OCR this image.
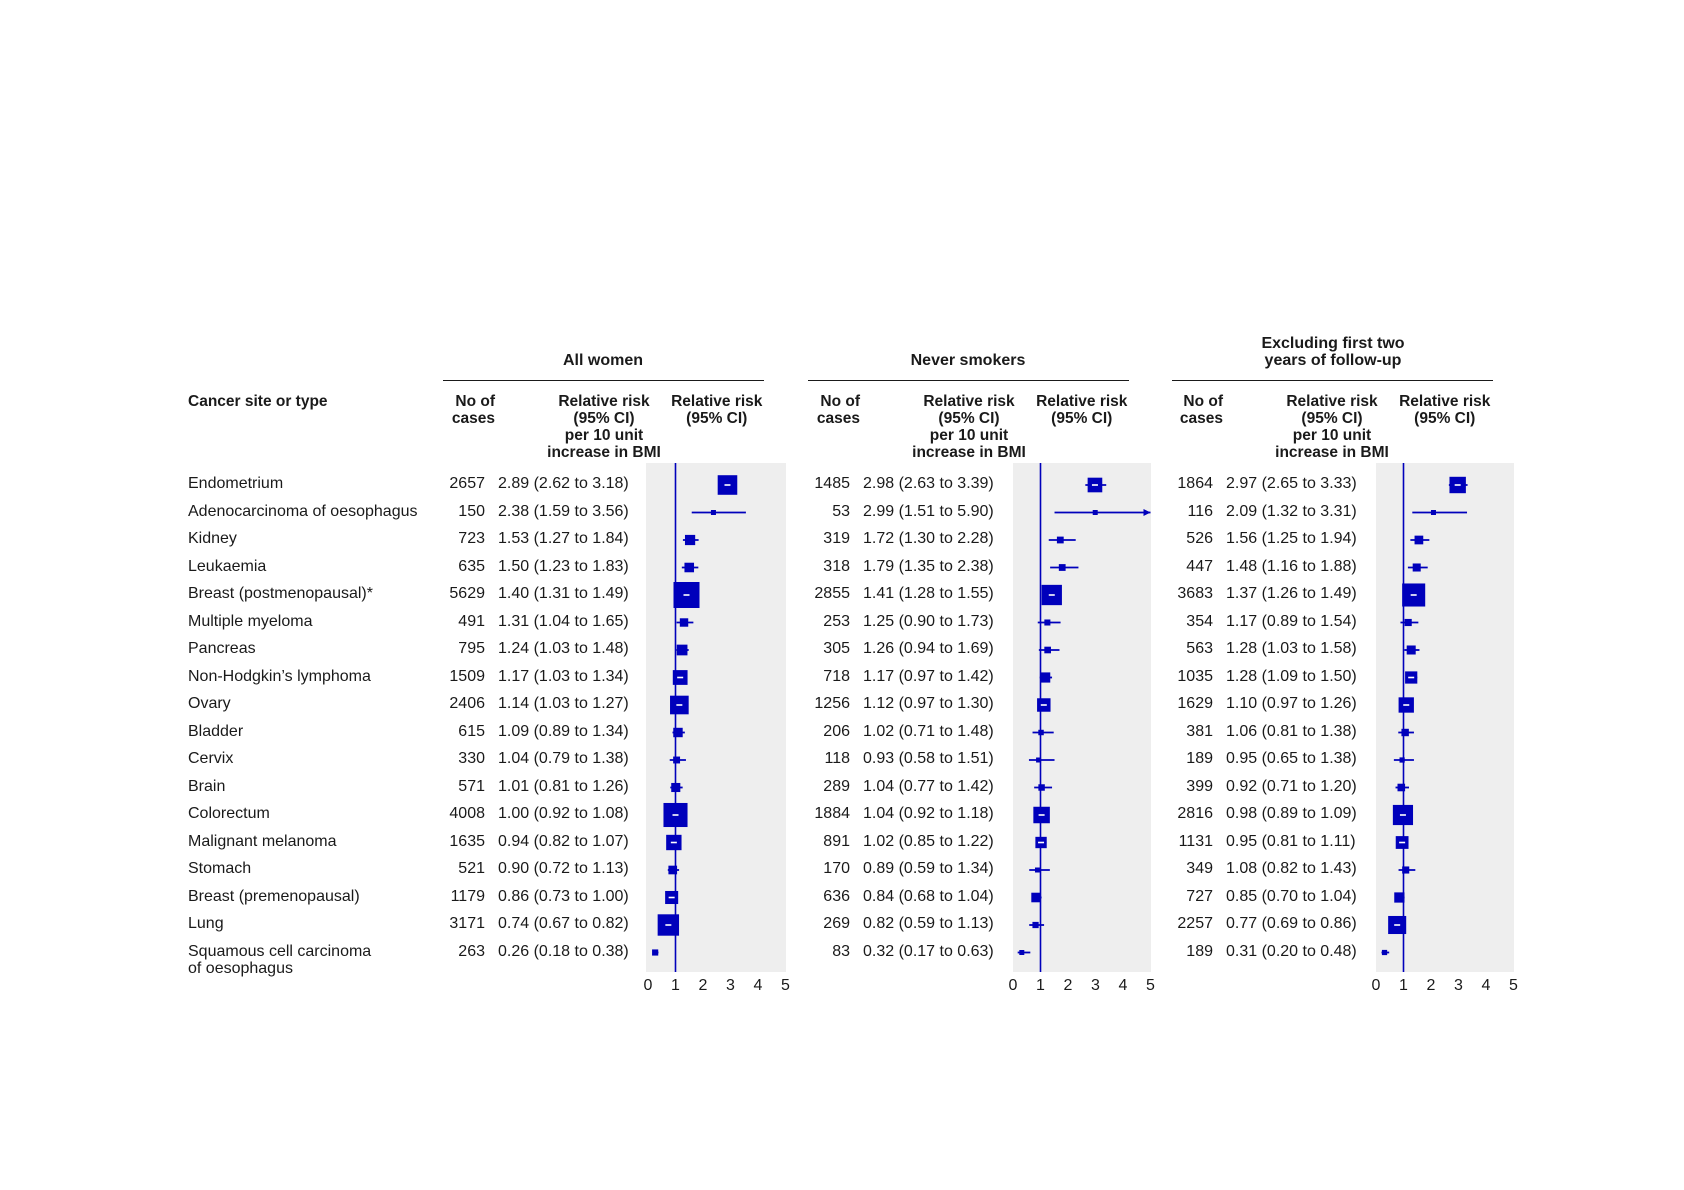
Cancer site or type
Endometrium
Adenocarcinoma of oesophagus
Kidney
Leukaemia
Breast (postmenopausal)*
Multiple myeloma
Pancreas
Non-Hodgkin’s lymphoma
Ovary
Bladder
Cervix
Brain
Colorectum
Malignant melanoma
Stomach
Breast (premenopausal)
Lung
Squamous cell carcinoma
of oesophagus
All women
No of
cases
Relative risk
(95% CI)
per 10 unit
increase in BMI
Relative risk
(95% CI)
2657 2.89 (2.62 to 3.18)
150 2.38 (1.59 to 3.56)
723 1.53 (1.27 to 1.84)
635 1.50 (1.23 to 1.83)
5629 1.40 (1.31 to 1.49)
491 1.31 (1.04 to 1.65)
795 1.24 (1.03 to 1.48)
1509 1.17 (1.03 to 1.34)
2406 1.14 (1.03 to 1.27)
615 1.09 (0.89 to 1.34)
330 1.04 (0.79 to 1.38)
571 1.01 (0.81 to 1.26)
4008 1.00 (0.92 to 1.08)
1635 0.94 (0.82 to 1.07)
521 0.90 (0.72 to 1.13)
1179 0.86 (0.73 to 1.00)
3171 0.74 (0.67 to 0.82)
263 0.26 (0.18 to 0.38)
0 1 2 3 4 5
Never smokers
No of
cases
Relative risk
(95% CI)
per 10 unit
increase in BMI
Relative risk
(95% CI)
1485 2.98 (2.63 to 3.39)
53 2.99 (1.51 to 5.90)
319 1.72 (1.30 to 2.28)
318 1.79 (1.35 to 2.38)
2855 1.41 (1.28 to 1.55)
253 1.25 (0.90 to 1.73)
305 1.26 (0.94 to 1.69)
718 1.17 (0.97 to 1.42)
1256 1.12 (0.97 to 1.30)
206 1.02 (0.71 to 1.48)
118 0.93 (0.58 to 1.51)
289 1.04 (0.77 to 1.42)
1884 1.04 (0.92 to 1.18)
891 1.02 (0.85 to 1.22)
170 0.89 (0.59 to 1.34)
636 0.84 (0.68 to 1.04)
269 0.82 (0.59 to 1.13)
83 0.32 (0.17 to 0.63)
0 1 2 3 4 5
Excluding first two
years of follow-up
No of
cases
Relative risk
(95% CI)
per 10 unit
increase in BMI
Relative risk
(95% CI)
1864 2.97 (2.65 to 3.33)
116 2.09 (1.32 to 3.31)
526 1.56 (1.25 to 1.94)
447 1.48 (1.16 to 1.88)
3683 1.37 (1.26 to 1.49)
354 1.17 (0.89 to 1.54)
563 1.28 (1.03 to 1.58)
1035 1.28 (1.09 to 1.50)
1629 1.10 (0.97 to 1.26)
381 1.06 (0.81 to 1.38)
189 0.95 (0.65 to 1.38)
399 0.92 (0.71 to 1.20)
2816 0.98 (0.89 to 1.09)
1131 0.95 (0.81 to 1.11)
349 1.08 (0.82 to 1.43)
727 0.85 (0.70 to 1.04)
2257 0.77 (0.69 to 0.86)
189 0.31 (0.20 to 0.48)
0 1 2 3 4 5
